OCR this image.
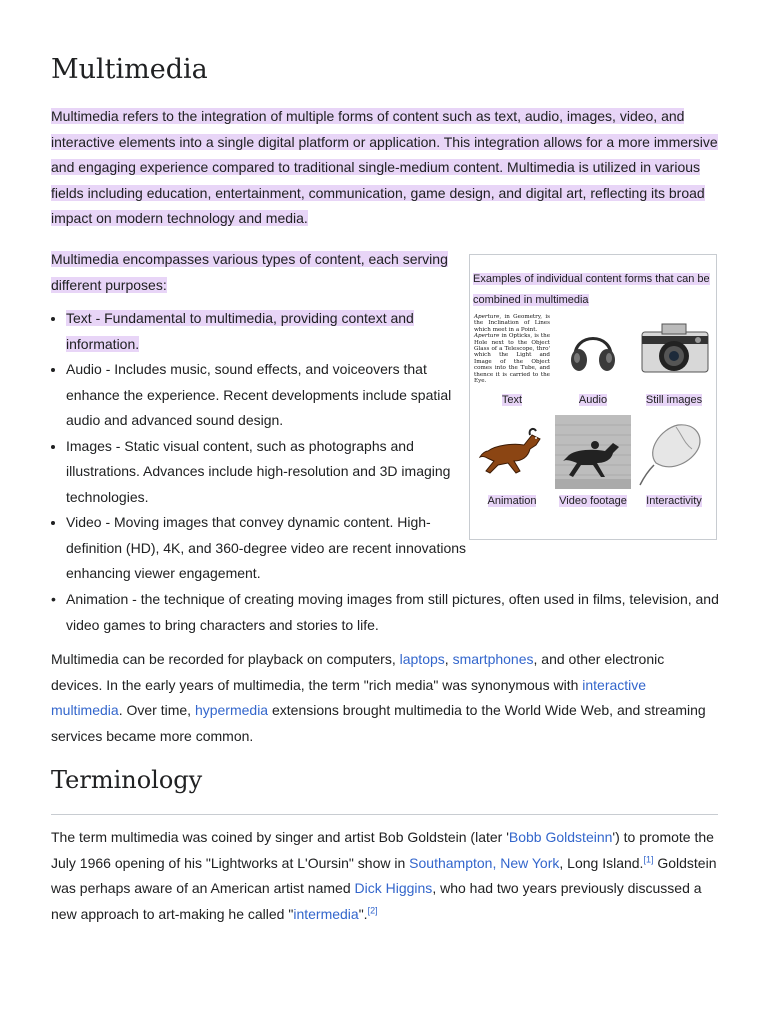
Multimedia

Multimedia refers to the integration of multiple forms of content such as text, audio, images, video, and interactive elements into a single digital platform or application. This integration allows for a more immersive and engaging experience compared to traditional single-medium content. Multimedia is utilized in various fields including education, entertainment, communication, game design, and digital art, reflecting its broad impact on modern technology and media.

Multimedia encompasses various types of content, each serving different purposes:

• Text - Fundamental to multimedia, providing context and information.
• Audio - Includes music, sound effects, and voiceovers that enhance the experience. Recent developments include spatial audio and advanced sound design.
• Images - Static visual content, such as photographs and illustrations. Advances include high-resolution and 3D imaging technologies.
• Video - Moving images that convey dynamic content. High-definition (HD), 4K, and 360-degree video are recent innovations enhancing viewer engagement.
• Animation - the technique of creating moving images from still pictures, often used in films, television, and video games to bring characters and stories to life.
Examples of individual content forms that can be combined in multimedia
Aperture, in Geometry, is the Inclination of Lines which meet in a Point.
Aperture in Opticks, is the Hole next to the Object Glass of a Telescope, thro' which the Light and Image of the Object comes into the Tube, and thence it is carried to the Eye.
Text	Audio	Still images
Animation	Video footage	Interactivity

Multimedia can be recorded for playback on computers, laptops, smartphones, and other electronic devices. In the early years of multimedia, the term "rich media" was synonymous with interactive multimedia. Over time, hypermedia extensions brought multimedia to the World Wide Web, and streaming services became more common.

Terminology

The term multimedia was coined by singer and artist Bob Goldstein (later 'Bobb Goldsteinn') to promote the July 1966 opening of his "Lightworks at L'Oursin" show in Southampton, New York, Long Island.[1] Goldstein was perhaps aware of an American artist named Dick Higgins, who had two years previously discussed a new approach to art-making he called "intermedia".[2]
